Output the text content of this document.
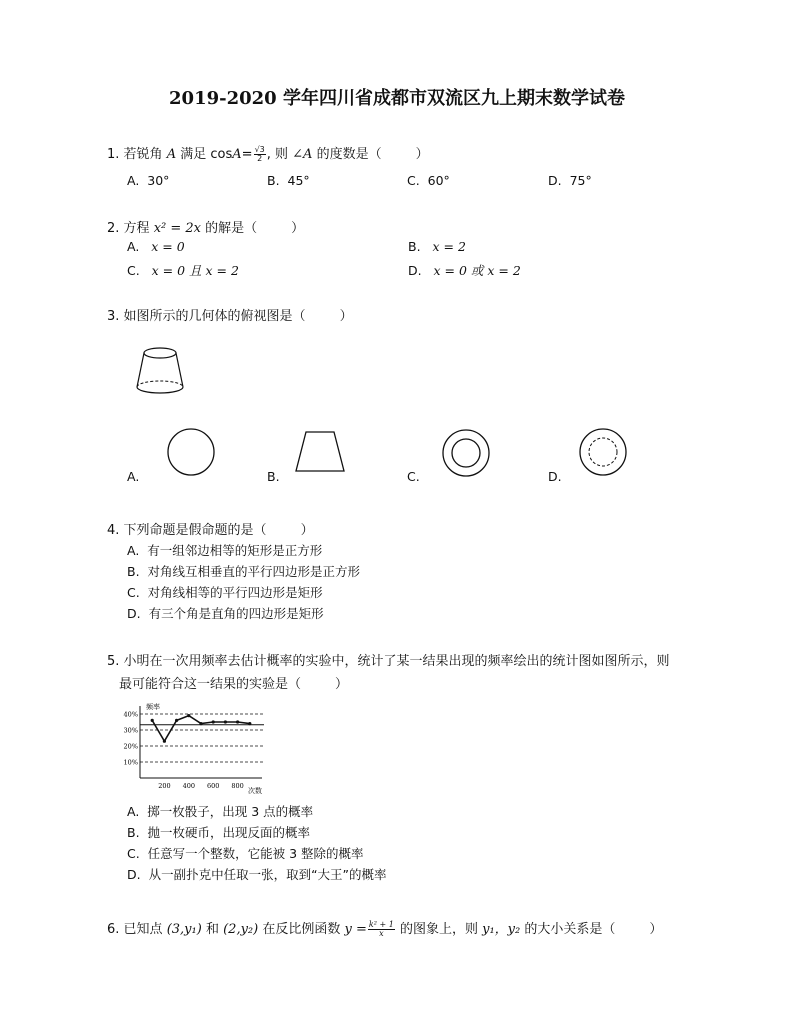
2019-2020 学年四川省成都市双流区九上期末数学试卷
1. 若锐角 A 满足 $\cos A= \frac{√3}{2}$ , 则 ∠A 的度数是（	）
A. 30°	B. 45°	C. 60°	D. 75°
2. 方程 x² = 2x 的解是（	）
A. x = 0	B. x = 2
C. x = 0 且 x = 2	D. x = 0 或 x = 2
3. 如图所示的几何体的俯视图是（	）
A.	B.	C.	D.
4. 下列命题是假命题的是（	）
A. 有一组邻边相等的矩形是正方形
B. 对角线互相垂直的平行四边形是正方形
C. 对角线相等的平行四边形是矩形
D. 有三个角是直角的四边形是矩形
5. 小明在一次用频率去估计概率的实验中，统计了某一结果出现的频率绘出的统计图如图所示，则
最可能符合这一结果的实验是（	）
频率
次数
10%
20%
30%
40%
200 400 600 800
A. 掷一枚骰子，出现 3 点的概率
B. 抛一枚硬币，出现反面的概率
C. 任意写一个整数，它能被 3 整除的概率
D. 从一副扑克中任取一张，取到“大王”的概率
6. 已知点 (3,y₁) 和 (2,y₂) 在反比例函数 $y = \frac{\text{k² + 1}}{x}$ 的图象上，则 y₁，y₂ 的大小关系是（	）
